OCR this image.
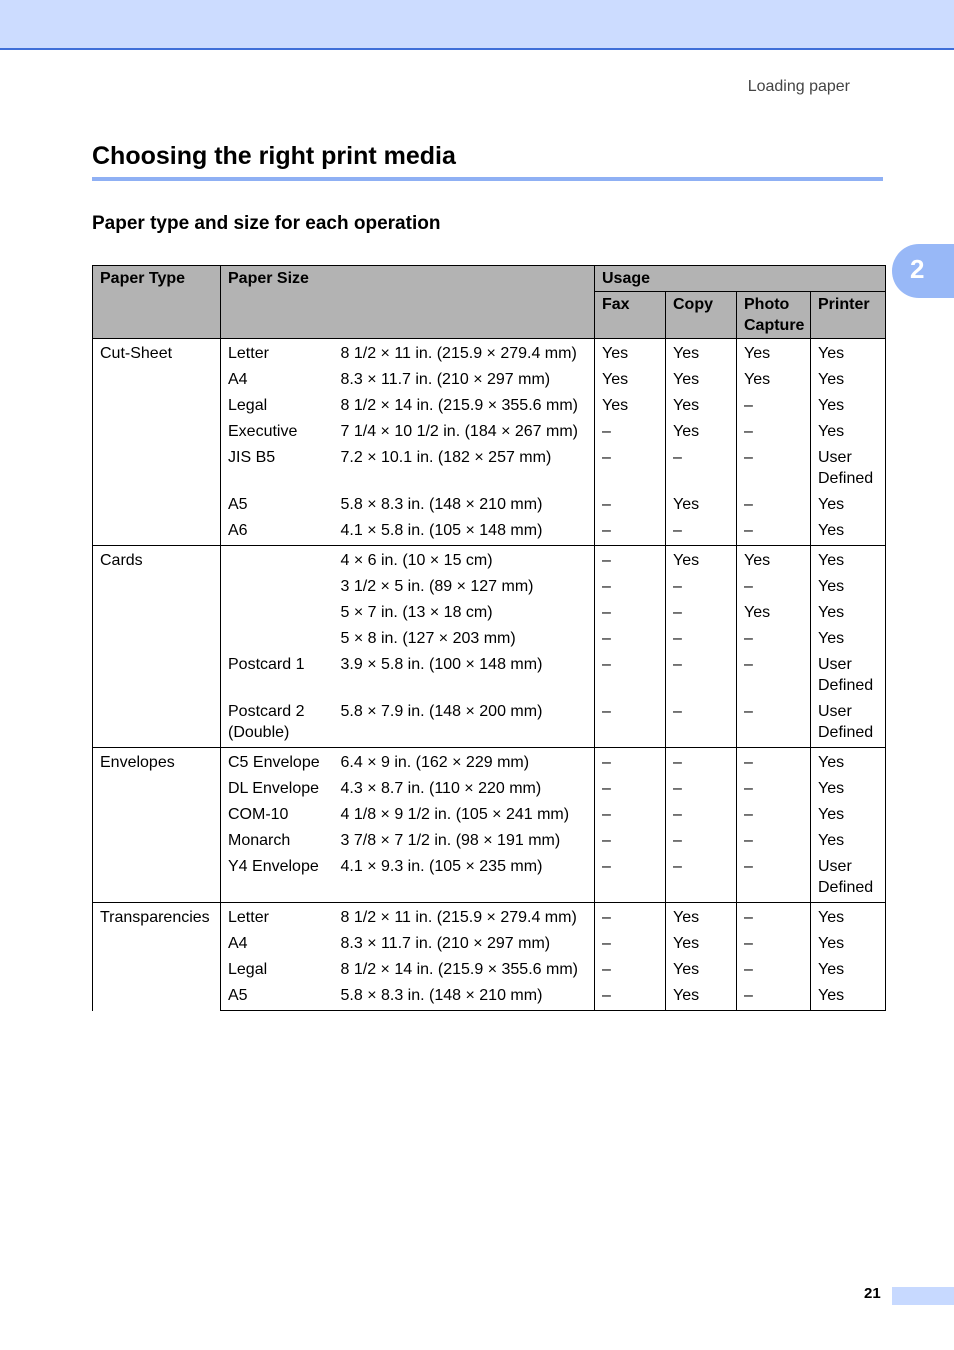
Loading paper
2
Choosing the right print media
Paper type and size for each operation
Paper Type	Paper Size		Usage			
			Fax	Copy	Photo Capture	Printer
Cut-Sheet	Letter	8 1/2 × 11 in. (215.9 × 279.4 mm)	Yes	Yes	Yes	Yes
	A4	8.3 × 11.7 in. (210 × 297 mm)	Yes	Yes	Yes	Yes
	Legal	8 1/2 × 14 in. (215.9 × 355.6 mm)	Yes	Yes	–	Yes
	Executive	7 1/4 × 10 1/2 in. (184 × 267 mm)	–	Yes	–	Yes
	JIS B5	7.2 × 10.1 in. (182 × 257 mm)	–	–	–	User Defined
	A5	5.8 × 8.3 in. (148 × 210 mm)	–	Yes	–	Yes
	A6	4.1 × 5.8 in. (105 × 148 mm)	–	–	–	Yes
Cards		4 × 6 in. (10 × 15 cm)	–	Yes	Yes	Yes
		3 1/2 × 5 in. (89 × 127 mm)	–	–	–	Yes
		5 × 7 in. (13 × 18 cm)	–	–	Yes	Yes
		5 × 8 in. (127 × 203 mm)	–	–	–	Yes
	Postcard 1	3.9 × 5.8 in. (100 × 148 mm)	–	–	–	User Defined
	Postcard 2 (Double)	5.8 × 7.9 in. (148 × 200 mm)	–	–	–	User Defined
Envelopes	C5 Envelope	6.4 × 9 in. (162 × 229 mm)	–	–	–	Yes
	DL Envelope	4.3 × 8.7 in. (110 × 220 mm)	–	–	–	Yes
	COM-10	4 1/8 × 9 1/2 in. (105 × 241 mm)	–	–	–	Yes
	Monarch	3 7/8 × 7 1/2 in. (98 × 191 mm)	–	–	–	Yes
	Y4 Envelope	4.1 × 9.3 in. (105 × 235 mm)	–	–	–	User Defined
Transparencies	Letter	8 1/2 × 11 in. (215.9 × 279.4 mm)	–	Yes	–	Yes
	A4	8.3 × 11.7 in. (210 × 297 mm)	–	Yes	–	Yes
	Legal	8 1/2 × 14 in. (215.9 × 355.6 mm)	–	Yes	–	Yes
	A5	5.8 × 8.3 in. (148 × 210 mm)	–	Yes	–	Yes
21
